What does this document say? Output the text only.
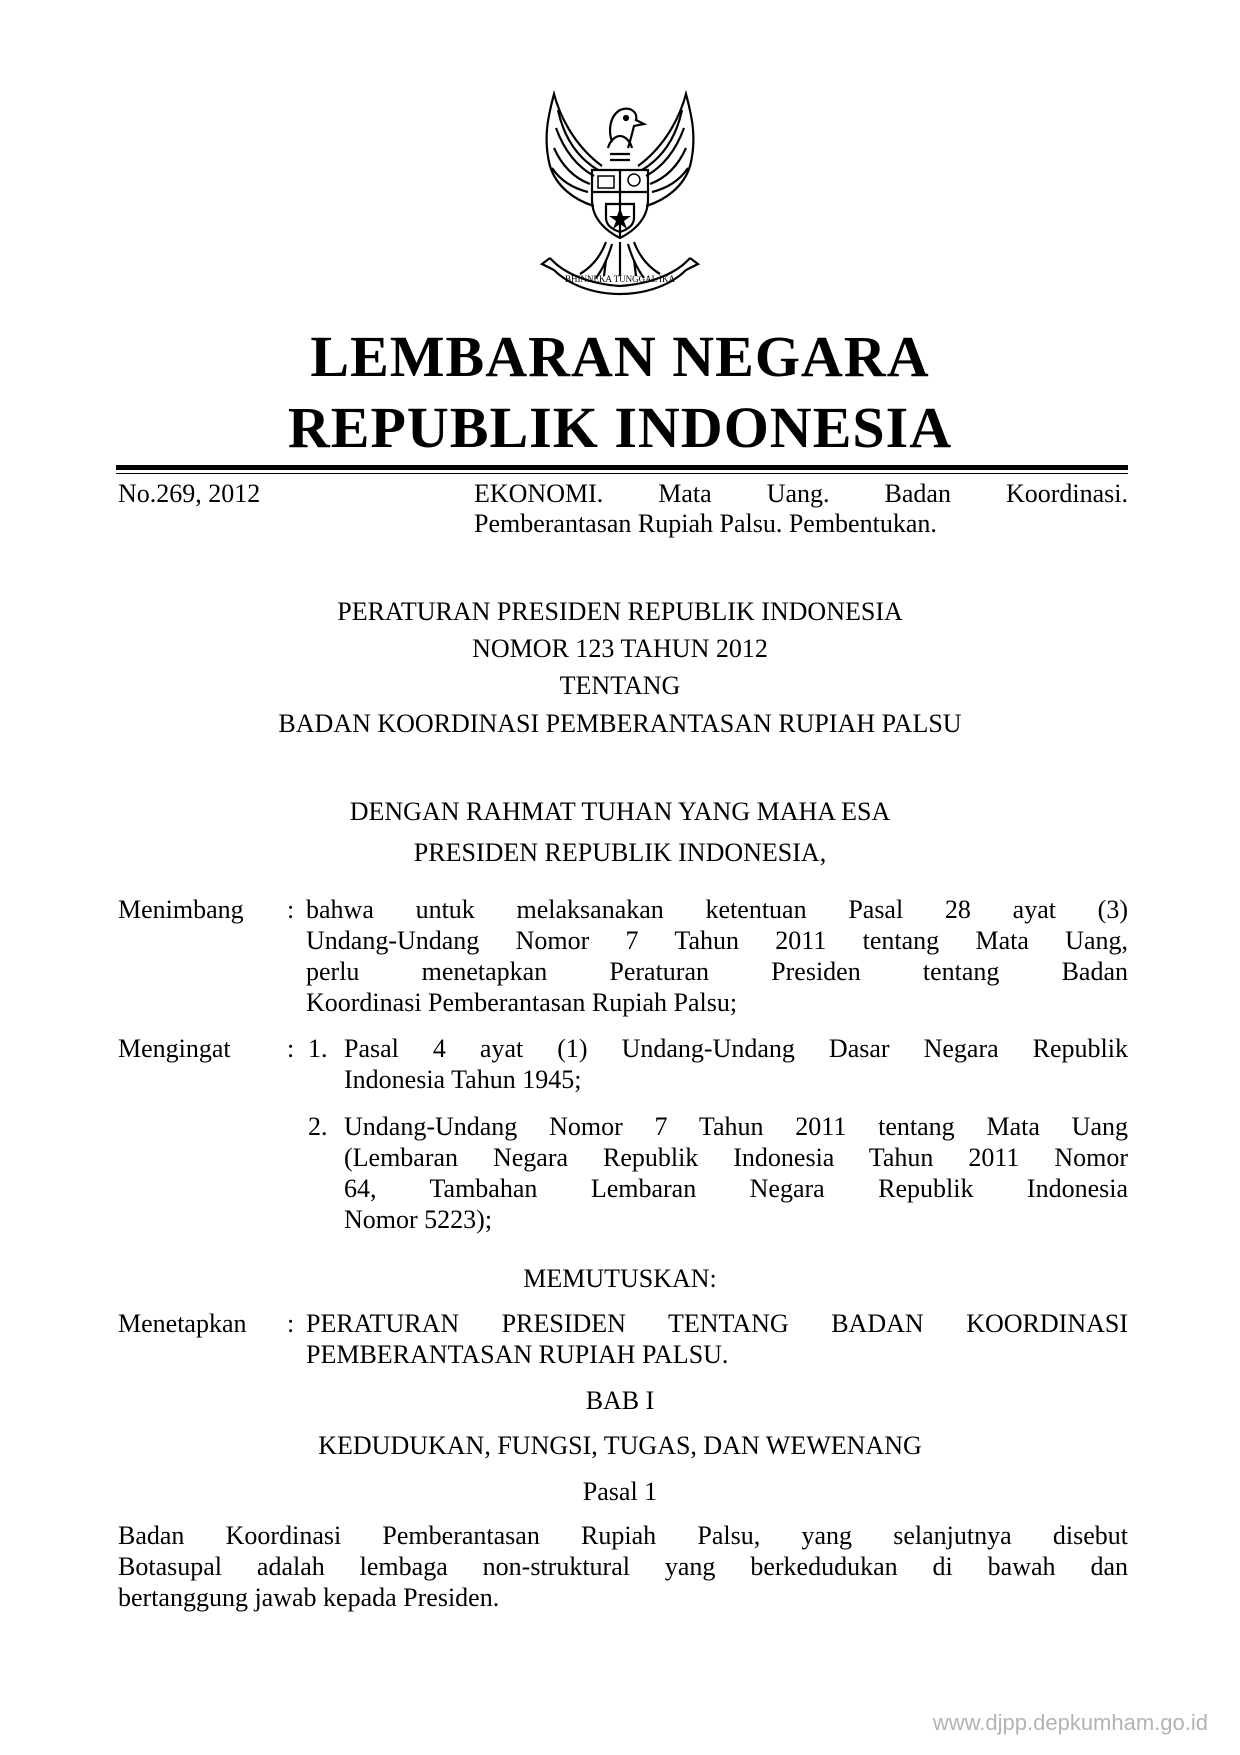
BHINNEKA TUNGGAL IKA
LEMBARAN NEGARA
REPUBLIK INDONESIA
No.269, 2012	EKONOMI. Mata Uang. Badan Koordinasi.
Pemberantasan Rupiah Palsu. Pembentukan.
PERATURAN PRESIDEN REPUBLIK INDONESIA
NOMOR 123 TAHUN 2012
TENTANG
BADAN KOORDINASI PEMBERANTASAN RUPIAH PALSU
DENGAN RAHMAT TUHAN YANG MAHA ESA
PRESIDEN REPUBLIK INDONESIA,
Menimbang : bahwa untuk melaksanakan ketentuan Pasal 28 ayat (3)
Undang-Undang Nomor 7 Tahun 2011 tentang Mata Uang,
perlu menetapkan Peraturan Presiden tentang Badan
Koordinasi Pemberantasan Rupiah Palsu;
Mengingat : 1. Pasal 4 ayat (1) Undang-Undang Dasar Negara Republik
Indonesia Tahun 1945;
2. Undang-Undang Nomor 7 Tahun 2011 tentang Mata Uang
(Lembaran Negara Republik Indonesia Tahun 2011 Nomor
64, Tambahan Lembaran Negara Republik Indonesia
Nomor 5223);
MEMUTUSKAN:
Menetapkan : PERATURAN PRESIDEN TENTANG BADAN KOORDINASI
PEMBERANTASAN RUPIAH PALSU.
BAB I
KEDUDUKAN, FUNGSI, TUGAS, DAN WEWENANG
Pasal 1
Badan Koordinasi Pemberantasan Rupiah Palsu, yang selanjutnya disebut
Botasupal adalah lembaga non-struktural yang berkedudukan di bawah dan
bertanggung jawab kepada Presiden.
www.djpp.depkumham.go.id
